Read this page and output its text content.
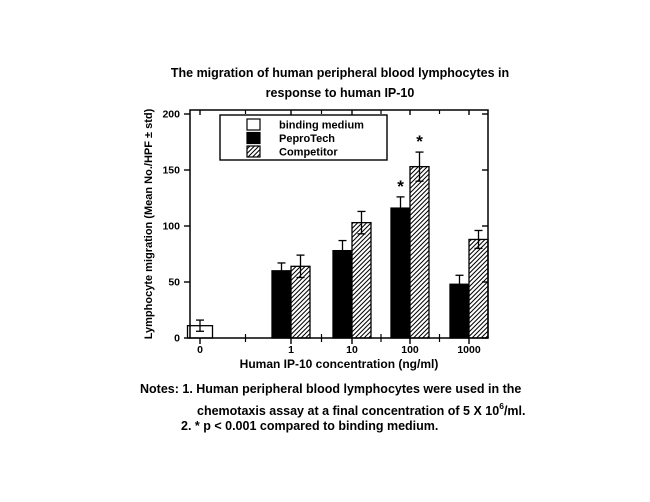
The migration of human peripheral blood lymphocytes in
response to human IP-10
0
50
100
150
200
0	1	10	100	1000
*
*
binding medium
PeproTech
Competitor
Human IP-10 concentration (ng/ml)
Lymphocyte migration (Mean No./HPF ± std)
Notes: 1. Human peripheral blood lymphocytes were used in the
chemotaxis assay at a final concentration of 5 X $10^6/ml$.
2. * p < 0.001 compared to binding medium.
